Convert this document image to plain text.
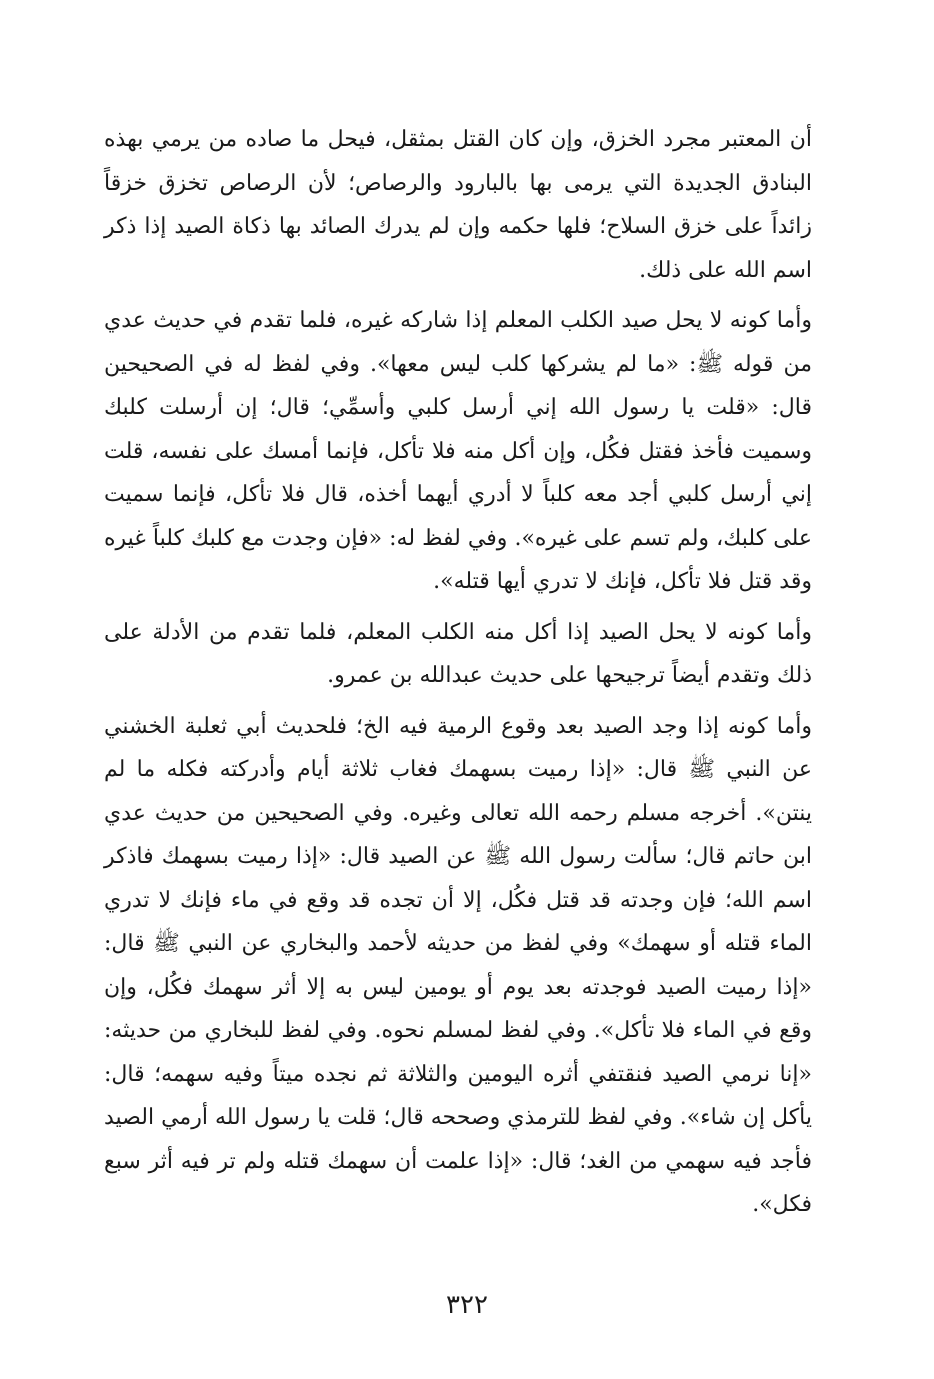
أن المعتبر مجرد الخزق، وإن كان القتل بمثقل، فيحل ما صاده من يرمي بهذه البنادق الجديدة التي يرمى بها بالبارود والرصاص؛ لأن الرصاص تخزق خزقاً زائداً على خزق السلاح؛ فلها حكمه وإن لم يدرك الصائد بها ذكاة الصيد إذا ذكر اسم الله على ذلك.

وأما كونه لا يحل صيد الكلب المعلم إذا شاركه غيره، فلما تقدم في حديث عدي من قوله ﷺ: «ما لم يشركها كلب ليس معها». وفي لفظ له في الصحيحين قال: «قلت يا رسول الله إني أرسل كلبي وأسمِّي؛ قال؛ إن أرسلت كلبك وسميت فأخذ فقتل فكُل، وإن أكل منه فلا تأكل، فإنما أمسك على نفسه، قلت إني أرسل كلبي أجد معه كلباً لا أدري أيهما أخذه، قال فلا تأكل، فإنما سميت على كلبك، ولم تسم على غيره». وفي لفظ له: «فإن وجدت مع كلبك كلباً غيره وقد قتل فلا تأكل، فإنك لا تدري أيها قتله».

وأما كونه لا يحل الصيد إذا أكل منه الكلب المعلم، فلما تقدم من الأدلة على ذلك وتقدم أيضاً ترجيحها على حديث عبدالله بن عمرو.

وأما كونه إذا وجد الصيد بعد وقوع الرمية فيه الخ؛ فلحديث أبي ثعلبة الخشني عن النبي ﷺ قال: «إذا رميت بسهمك فغاب ثلاثة أيام وأدركته فكله ما لم ينتن». أخرجه مسلم رحمه الله تعالى وغيره. وفي الصحيحين من حديث عدي ابن حاتم قال؛ سألت رسول الله ﷺ عن الصيد قال: «إذا رميت بسهمك فاذكر اسم الله؛ فإن وجدته قد قتل فكُل، إلا أن تجده قد وقع في ماء فإنك لا تدري الماء قتله أو سهمك» وفي لفظ من حديثه لأحمد والبخاري عن النبي ﷺ قال: «إذا رميت الصيد فوجدته بعد يوم أو يومين ليس به إلا أثر سهمك فكُل، وإن وقع في الماء فلا تأكل». وفي لفظ لمسلم نحوه. وفي لفظ للبخاري من حديثه: «إنا نرمي الصيد فنقتفي أثره اليومين والثلاثة ثم نجده ميتاً وفيه سهمه؛ قال: يأكل إن شاء». وفي لفظ للترمذي وصححه قال؛ قلت يا رسول الله أرمي الصيد فأجد فيه سهمي من الغد؛ قال: «إذا علمت أن سهمك قتله ولم تر فيه أثر سبع فكل».

٣٢٢
